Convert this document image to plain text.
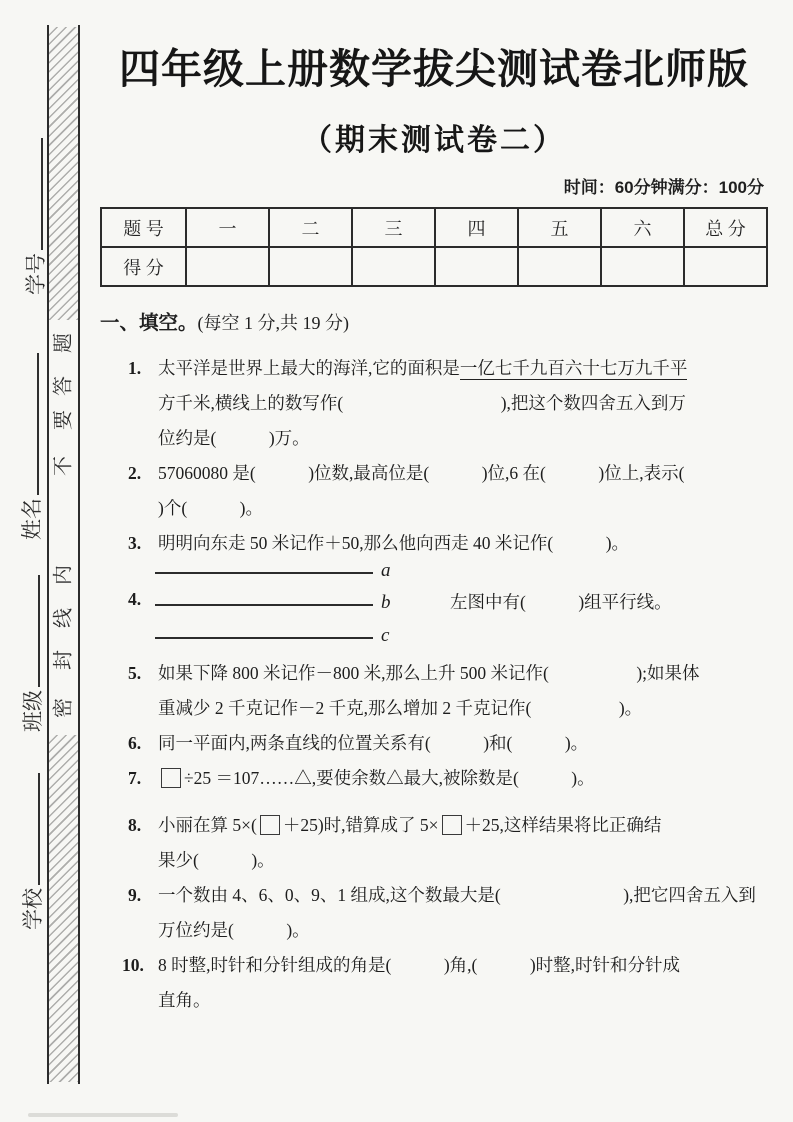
学号
姓名
班级
学校
题
答
要
不
内
线
封
密
四年级上册数学拔尖测试卷北师版
（期末测试卷二）
时间：60分钟满分：100分
题 号	一	二	三	四	五	六	总 分
得 分							
一、填空。(每空 1 分,共 19 分)
1. 太平洋是世界上最大的海洋,它的面积是一亿七千九百六十七万九千平
方千米,横线上的数写作(　　　　　　　　　),把这个数四舍五入到万
位约是(　　　)万。
2. 57060080 是(　　　)位数,最高位是(　　　)位,6 在(　　　)位上,表示(
)个(　　　)。
3. 明明向东走 50 米记作＋50,那么他向西走 40 米记作(　　　)。
4.
a
b
c
左图中有(　　　)组平行线。
5. 如果下降 800 米记作－800 米,那么上升 500 米记作(　　　　　);如果体
重减少 2 千克记作－2 千克,那么增加 2 千克记作(　　　　　)。
6. 同一平面内,两条直线的位置关系有(　　　)和(　　　)。
7. ÷25 ＝107……△,要使余数△最大,被除数是(　　　)。
8. 小丽在算 5×( ＋25)时,错算成了 5× ＋25,这样结果将比正确结
果少(　　　)。
9. 一个数由 4、6、0、9、1 组成,这个数最大是(　　　　　　　),把它四舍五入到
万位约是(　　　)。
10. 8 时整,时针和分针组成的角是(　　　)角,(　　　)时整,时针和分针成
直角。
